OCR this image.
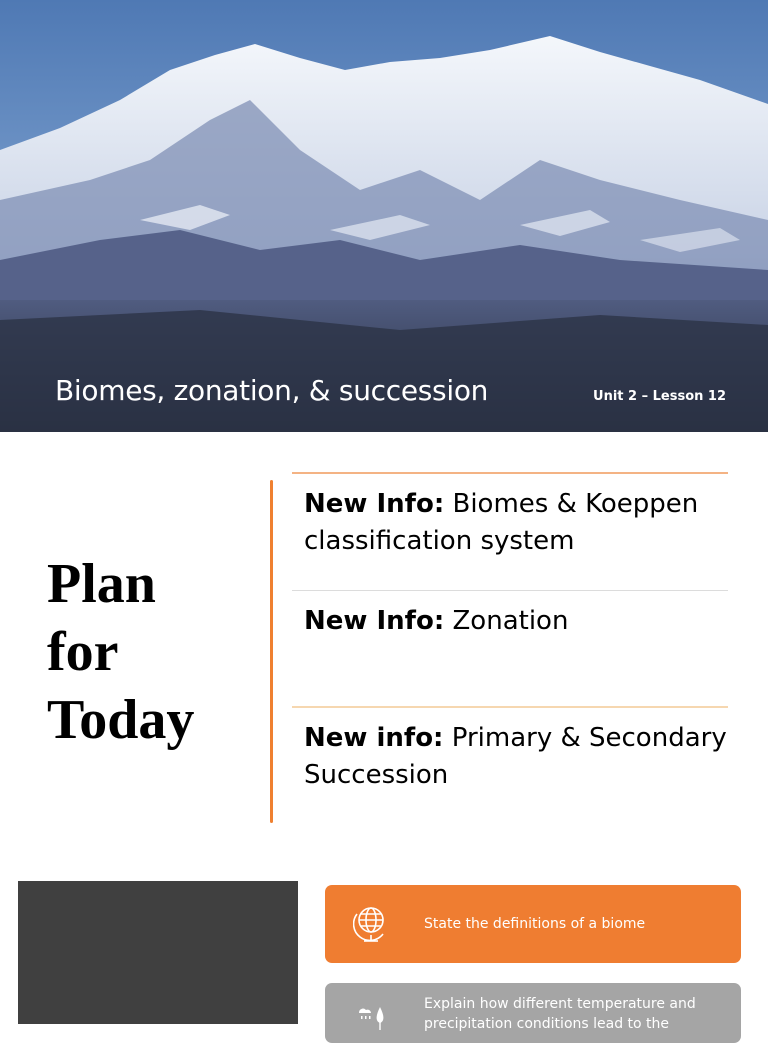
Biomes, zonation, & succession	Unit 2 – Lesson 12
Plan
for
Today
New Info: Biomes & Koeppen classification system
New Info: Zonation
New info: Primary & Secondary Succession
State the definitions of a biome
Explain how different temperature and precipitation conditions lead to the
